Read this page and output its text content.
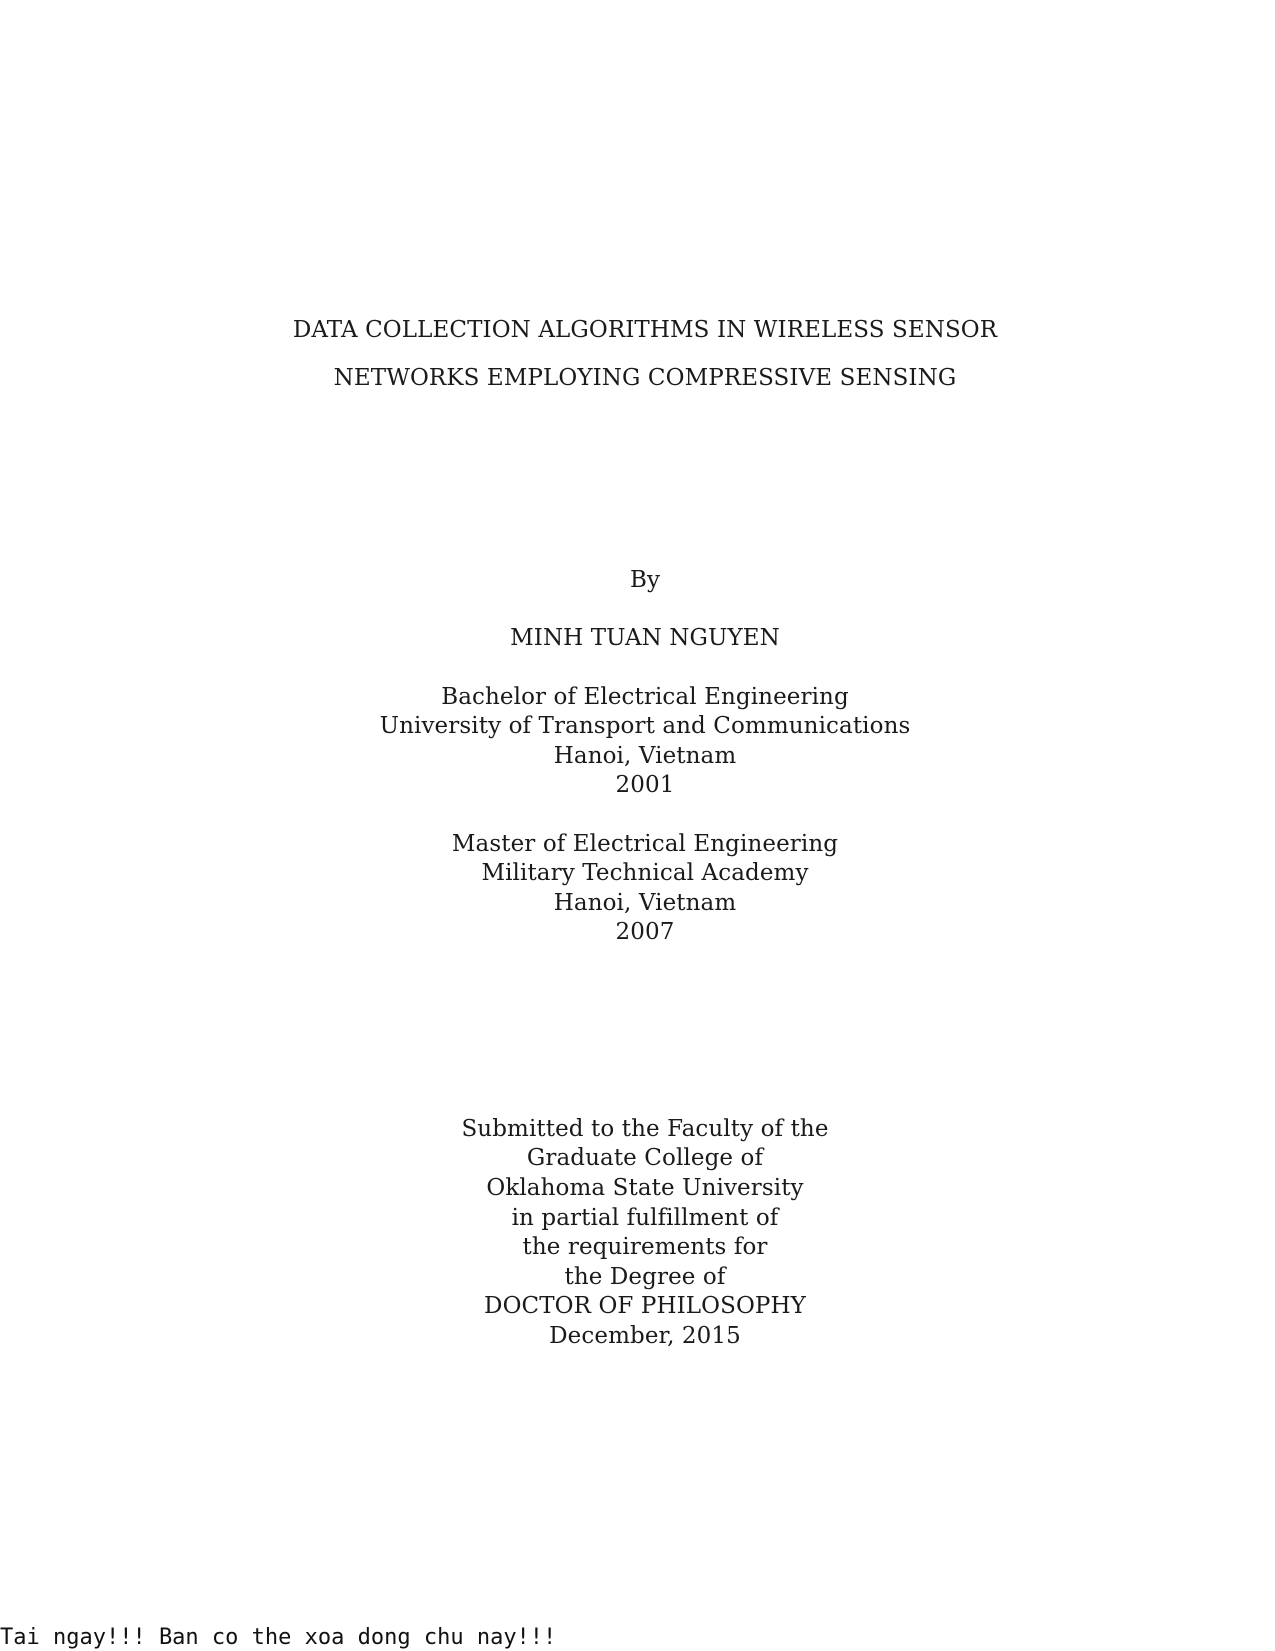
DATA COLLECTION ALGORITHMS IN WIRELESS SENSOR
NETWORKS EMPLOYING COMPRESSIVE SENSING
By
MINH TUAN NGUYEN
Bachelor of Electrical Engineering
University of Transport and Communications
Hanoi, Vietnam
2001
Master of Electrical Engineering
Military Technical Academy
Hanoi, Vietnam
2007
Submitted to the Faculty of the
Graduate College of
Oklahoma State University
in partial fulfillment of
the requirements for
the Degree of
DOCTOR OF PHILOSOPHY
December, 2015
Tai ngay!!! Ban co the xoa dong chu nay!!!
